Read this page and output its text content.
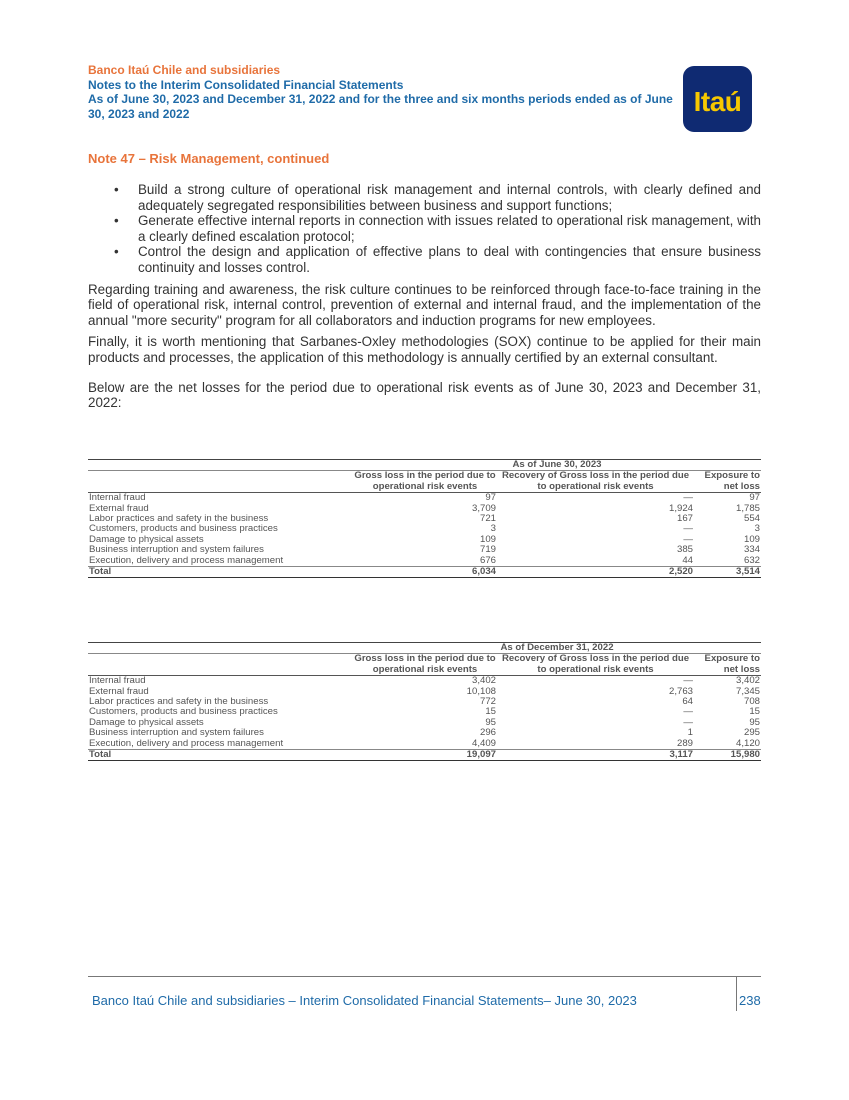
Banco Itaú Chile and subsidiaries
Notes to the Interim Consolidated Financial Statements
As of June 30, 2023 and December 31, 2022 and for the three and six months periods ended as of June 30, 2023 and 2022	Itaú
Note 47 – Risk Management, continued
• Build a strong culture of operational risk management and internal controls, with clearly defined and adequately segregated responsibilities between business and support functions;
• Generate effective internal reports in connection with issues related to operational risk management, with a clearly defined escalation protocol;
• Control the design and application of effective plans to deal with contingencies that ensure business continuity and losses control.

Regarding training and awareness, the risk culture continues to be reinforced through face-to-face training in the field of operational risk, internal control, prevention of external and internal fraud, and the implementation of the annual "more security" program for all collaborators and induction programs for new employees.

Finally, it is worth mentioning that Sarbanes-Oxley methodologies (SOX) continue to be applied for their main products and processes, the application of this methodology is annually certified by an external consultant.

Below are the net losses for the period due to operational risk events as of June 30, 2023 and December 31, 2022:

	As of June 30, 2023		
	Gross loss in the period due to operational risk events	Recovery of Gross loss in the period due to operational risk events	Exposure to net loss
Internal fraud	97	—	97
External fraud	3,709	1,924	1,785
Labor practices and safety in the business	721	167	554
Customers, products and business practices	3	—	3
Damage to physical assets	109	—	109
Business interruption and system failures	719	385	334
Execution, delivery and process management	676	44	632
Total	6,034	2,520	3,514
	As of December 31, 2022		
	Gross loss in the period due to operational risk events	Recovery of Gross loss in the period due to operational risk events	Exposure to net loss
Internal fraud	3,402	—	3,402
External fraud	10,108	2,763	7,345
Labor practices and safety in the business	772	64	708
Customers, products and business practices	15	—	15
Damage to physical assets	95	—	95
Business interruption and system failures	296	1	295
Execution, delivery and process management	4,409	289	4,120
Total	19,097	3,117	15,980
Banco Itaú Chile and subsidiaries – Interim Consolidated Financial Statements– June 30, 2023	238
